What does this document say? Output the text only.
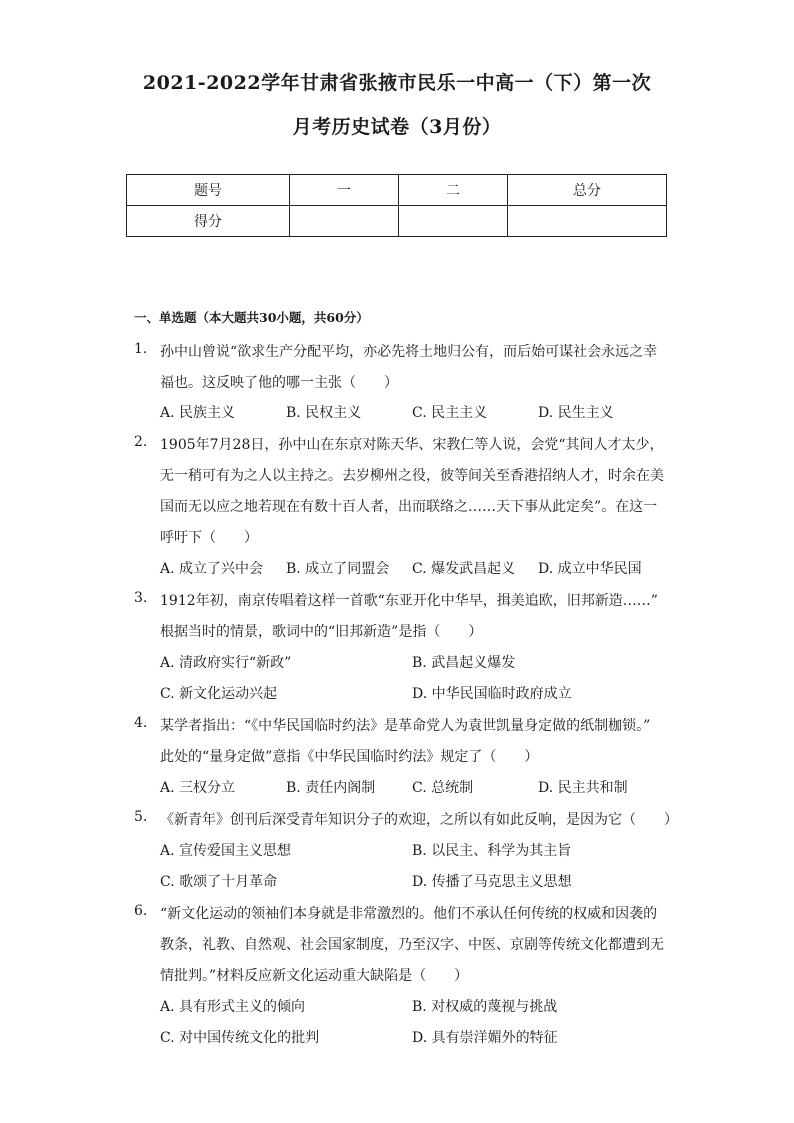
2021-2022学年甘肃省张掖市民乐一中高一（下）第一次
月考历史试卷（3月份）
题号	一	二	总分
得分			
一、单选题（本大题共30小题，共60分）
1. 孙中山曾说“欲求生产分配平均，亦必先将土地归公有，而后始可谋社会永远之幸
福也。这反映了他的哪一主张（　　）
A. 民族主义	B. 民权主义	C. 民主主义	D. 民生主义
2. 1905年7月28日，孙中山在东京对陈天华、宋教仁等人说，会党“其间人才太少，
无一稍可有为之人以主持之。去岁柳州之役，彼等间关至香港招纳人才，时余在美
国而无以应之地若现在有数十百人者，出而联络之……天下事从此定矣”。在这一
呼吁下（　　）
A. 成立了兴中会 B. 成立了同盟会 C. 爆发武昌起义 D. 成立中华民国
3. 1912年初，南京传唱着这样一首歌“东亚开化中华早，揖美追欧，旧邦新造……”
根据当时的情景，歌词中的“旧邦新造”是指（　　）
A. 清政府实行“新政”	B. 武昌起义爆发
C. 新文化运动兴起	D. 中华民国临时政府成立
4. 某学者指出：“《中华民国临时约法》是革命党人为袁世凯量身定做的纸制枷锁。”
此处的“量身定做”意指《中华民国临时约法》规定了（　　）
A. 三权分立	B. 责任内阁制	C. 总统制	D. 民主共和制
5. 《新青年》创刊后深受青年知识分子的欢迎，之所以有如此反响，是因为它（　　）
A. 宣传爱国主义思想	B. 以民主、科学为其主旨
C. 歌颂了十月革命	D. 传播了马克思主义思想
6. “新文化运动的领袖们本身就是非常激烈的。他们不承认任何传统的权威和因袭的
教条，礼教、自然观、社会国家制度，乃至汉字、中医、京剧等传统文化都遭到无
情批判。”材料反应新文化运动重大缺陷是（　　）
A. 具有形式主义的倾向	B. 对权威的蔑视与挑战
C. 对中国传统文化的批判	D. 具有崇洋媚外的特征
